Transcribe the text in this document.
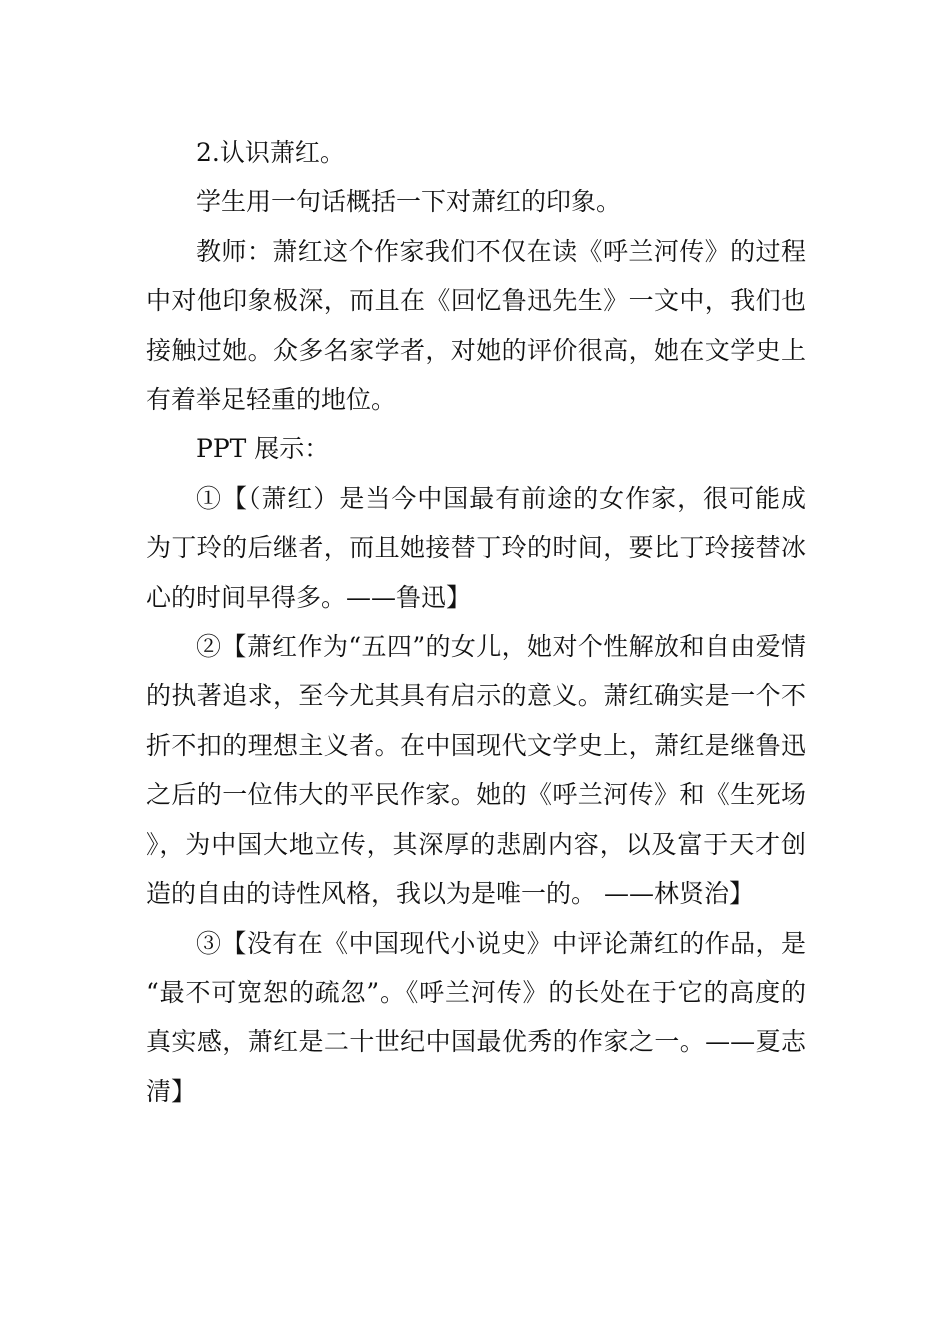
2.认识萧红。

学生用一句话概括一下对萧红的印象。

教师：萧红这个作家我们不仅在读《呼兰河传》的过程中对他印象极深，而且在《回忆鲁迅先生》一文中，我们也接触过她。众多名家学者，对她的评价很高，她在文学史上有着举足轻重的地位。

PPT 展示：

①【（萧红）是当今中国最有前途的女作家，很可能成为丁玲的后继者，而且她接替丁玲的时间，要比丁玲接替冰心的时间早得多。——鲁迅】

②【萧红作为“五四”的女儿，她对个性解放和自由爱情的执著追求，至今尤其具有启示的意义。萧红确实是一个不折不扣的理想主义者。在中国现代文学史上，萧红是继鲁迅之后的一位伟大的平民作家。她的《呼兰河传》和《生死场》，为中国大地立传，其深厚的悲剧内容，以及富于天才创造的自由的诗性风格，我以为是唯一的。 ——林贤治】

③【没有在《中国现代小说史》中评论萧红的作品，是“最不可宽恕的疏忽”。《呼兰河传》的长处在于它的高度的真实感，萧红是二十世纪中国最优秀的作家之一。——夏志清】
